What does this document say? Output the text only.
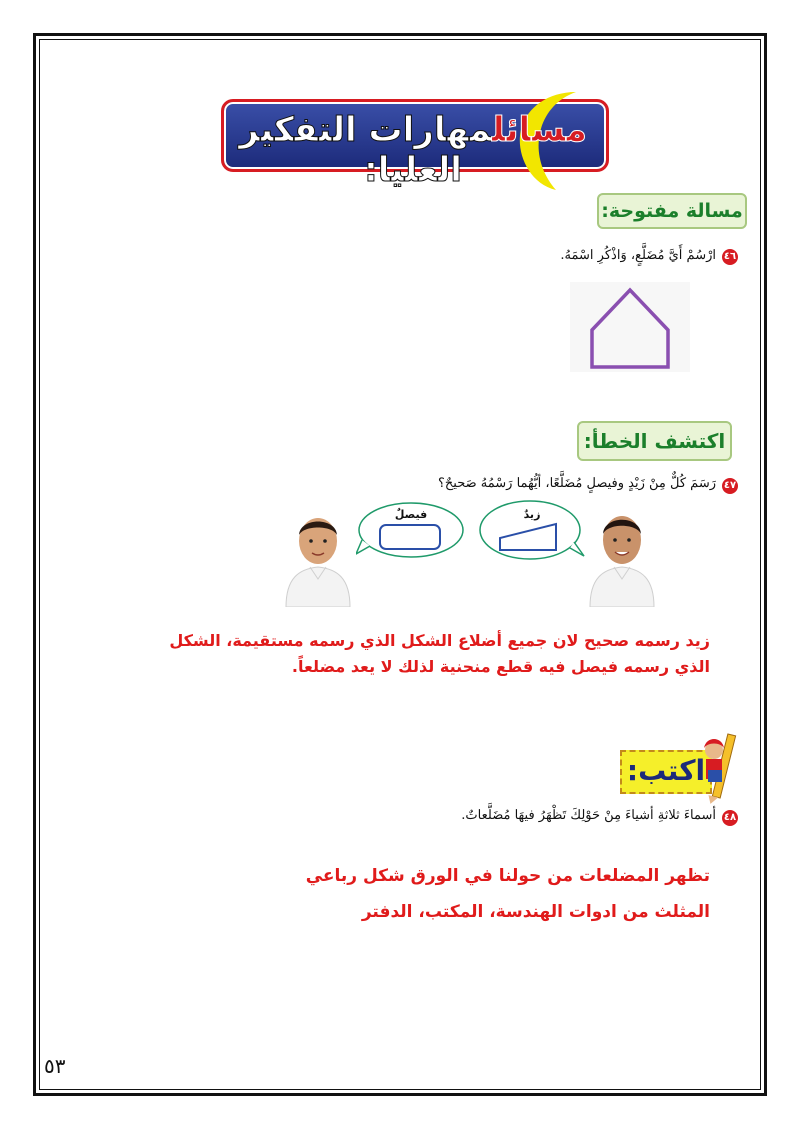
مسائلمهارات التفكير العليا:
مسالة مفتوحة:
٤٦
ارْسُمْ أَيَّ مُضَلَّعٍ، وَاذْكُرِ اسْمَهُ.
اكتشف الخطأ:
٤٧
رَسَمَ كُلٌّ مِنْ زَيْدٍ وفيصلٍ مُضَلَّعًا، أيُّهُما رَسْمُهُ صَحيحٌ؟
فيصلٌ	زيدٌ
زيد رسمه صحيح لان جميع أضلاع الشكل الذي رسمه مستقيمة، الشكل
الذي رسمه فيصل فيه قطع منحنية لذلك لا يعد مضلعاً.
اكتب:
٤٨
أسماءَ ثلاثةِ أشياءَ مِنْ حَوْلِكَ تَظْهَرُ فيهَا مُضَلَّعاتٌ.
تظهر المضلعات من حولنا في الورق شكل رباعي
المثلث من ادوات الهندسة، المكتب، الدفتر
٥٣
